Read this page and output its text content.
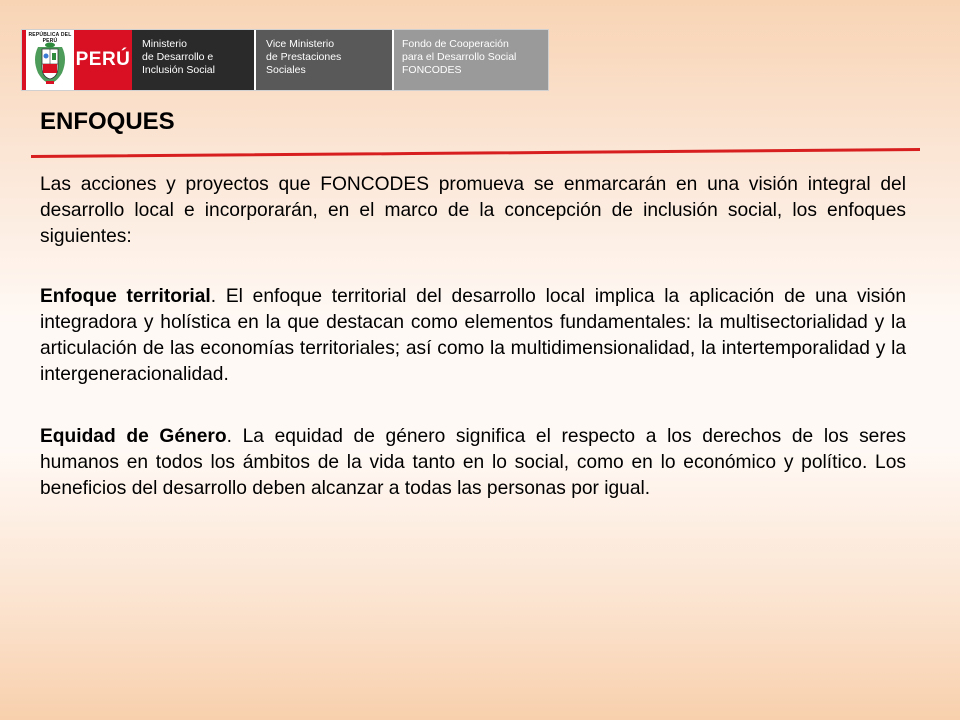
REPÚBLICA DEL PERÚ
PERÚ
Ministerio
de Desarrollo e
Inclusión Social
Vice Ministerio
de Prestaciones
Sociales
Fondo de Cooperación
para el Desarrollo Social
FONCODES
ENFOQUES

Las acciones y proyectos que FONCODES promueva se enmarcarán en una visión integral del desarrollo local e incorporarán, en el marco de la concepción de inclusión social, los enfoques siguientes:

Enfoque territorial. El enfoque territorial del desarrollo local implica la aplicación de una visión integradora y holística en la que destacan como elementos fundamentales: la multisectorialidad y la articulación de las economías territoriales; así como la multidimensionalidad, la intertemporalidad y la intergeneracionalidad.

Equidad de Género. La equidad de género significa el respecto a los derechos de los seres humanos en todos los ámbitos de la vida tanto en lo social, como en lo económico y político. Los beneficios del desarrollo deben alcanzar a todas las personas por igual.
